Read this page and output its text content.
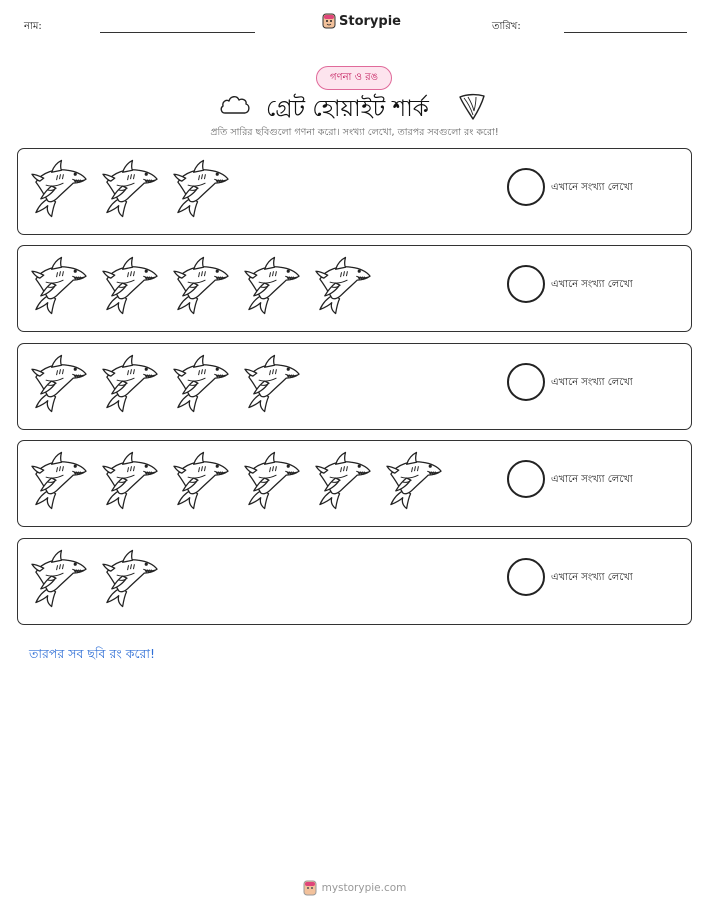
নাম:	Storypie	তারিখ:
গণনা ও রঙ
গ্রেট হোয়াইট শার্ক
প্রতি সারির ছবিগুলো গণনা করো। সংখ্যা লেখো, তারপর সবগুলো রং করো!
এখানে সংখ্যা লেখো
এখানে সংখ্যা লেখো
এখানে সংখ্যা লেখো
এখানে সংখ্যা লেখো
এখানে সংখ্যা লেখো
তারপর সব ছবি রং করো!
mystorypie.com
